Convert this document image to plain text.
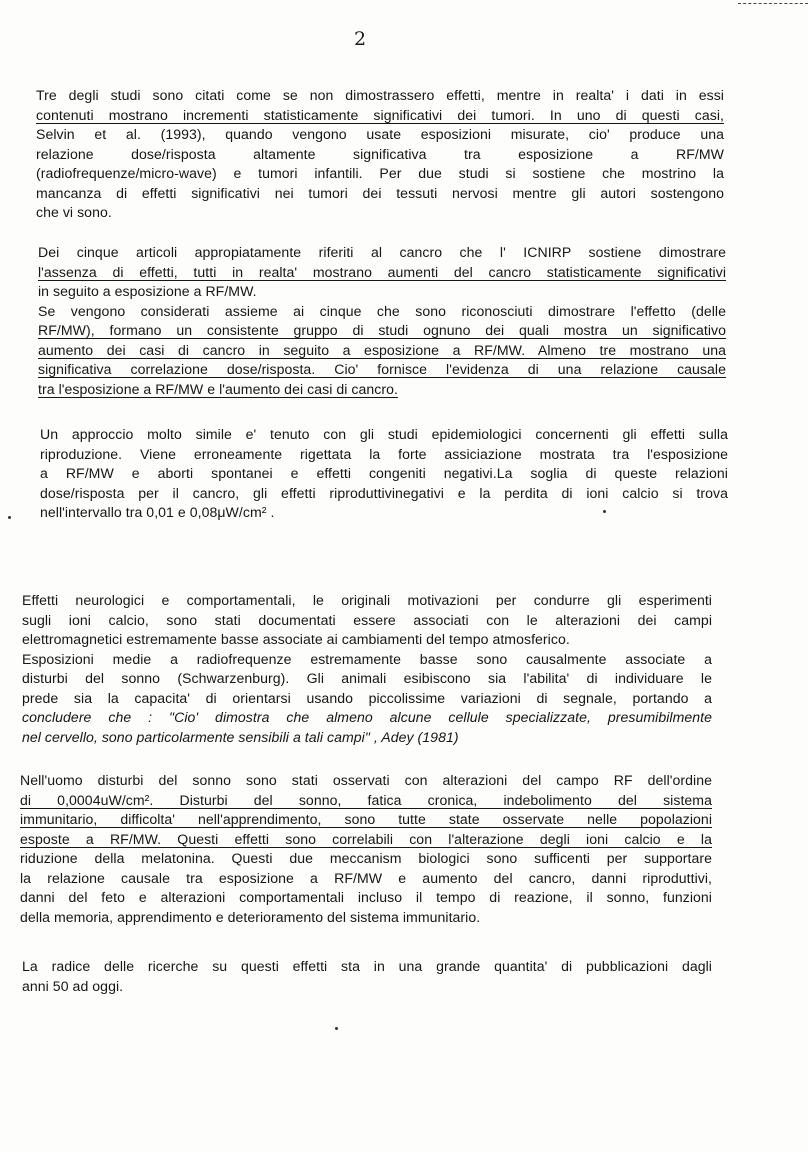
2
Tre degli studi sono citati come se non dimostrassero effetti, mentre in realta' i dati in essi
contenuti mostrano incrementi statisticamente significativi dei tumori. In uno di questi casi,
Selvin et al. (1993), quando vengono usate esposizioni misurate, cio' produce una
relazione dose/risposta altamente significativa tra esposizione a RF/MW
(radiofrequenze/micro-wave) e tumori infantili. Per due studi si sostiene che mostrino la
mancanza di effetti significativi nei tumori dei tessuti nervosi mentre gli autori sostengono
che vi sono.
Dei cinque articoli appropiatamente riferiti al cancro che l' ICNIRP sostiene dimostrare
l'assenza di effetti, tutti in realta' mostrano aumenti del cancro statisticamente significativi
in seguito a esposizione a RF/MW.
Se vengono considerati assieme ai cinque che sono riconosciuti dimostrare l'effetto (delle
RF/MW), formano un consistente gruppo di studi ognuno dei quali mostra un significativo
aumento dei casi di cancro in seguito a esposizione a RF/MW. Almeno tre mostrano una
significativa correlazione dose/risposta. Cio' fornisce l'evidenza di una relazione causale
tra l'esposizione a RF/MW e l'aumento dei casi di cancro.
Un approccio molto simile e' tenuto con gli studi epidemiologici concernenti gli effetti sulla
riproduzione. Viene erroneamente rigettata la forte assiciazione mostrata tra l'esposizione
a RF/MW e aborti spontanei e effetti congeniti negativi.La soglia di queste relazioni
dose/risposta per il cancro, gli effetti riproduttivinegativi e la perdita di ioni calcio si trova
nell'intervallo tra 0,01 e 0,08μW/cm² .
Effetti neurologici e comportamentali, le originali motivazioni per condurre gli esperimenti
sugli ioni calcio, sono stati documentati essere associati con le alterazioni dei campi
elettromagnetici estremamente basse associate ai cambiamenti del tempo atmosferico.
Esposizioni medie a radiofrequenze estremamente basse sono causalmente associate a
disturbi del sonno (Schwarzenburg). Gli animali esibiscono sia l'abilita' di individuare le
prede sia la capacita' di orientarsi usando piccolissime variazioni di segnale, portando a
concludere che : "Cio' dimostra che almeno alcune cellule specializzate, presumibilmente
nel cervello, sono particolarmente sensibili a tali campi" , Adey (1981)
Nell'uomo disturbi del sonno sono stati osservati con alterazioni del campo RF dell'ordine
di 0,0004uW/cm². Disturbi del sonno, fatica cronica, indebolimento del sistema
immunitario, difficolta' nell'apprendimento, sono tutte state osservate nelle popolazioni
esposte a RF/MW. Questi effetti sono correlabili con l'alterazione degli ioni calcio e la
riduzione della melatonina. Questi due meccanism biologici sono sufficenti per supportare
la relazione causale tra esposizione a RF/MW e aumento del cancro, danni riproduttivi,
danni del feto e alterazioni comportamentali incluso il tempo di reazione, il sonno, funzioni
della memoria, apprendimento e deterioramento del sistema immunitario.
La radice delle ricerche su questi effetti sta in una grande quantita' di pubblicazioni dagli
anni 50 ad oggi.
